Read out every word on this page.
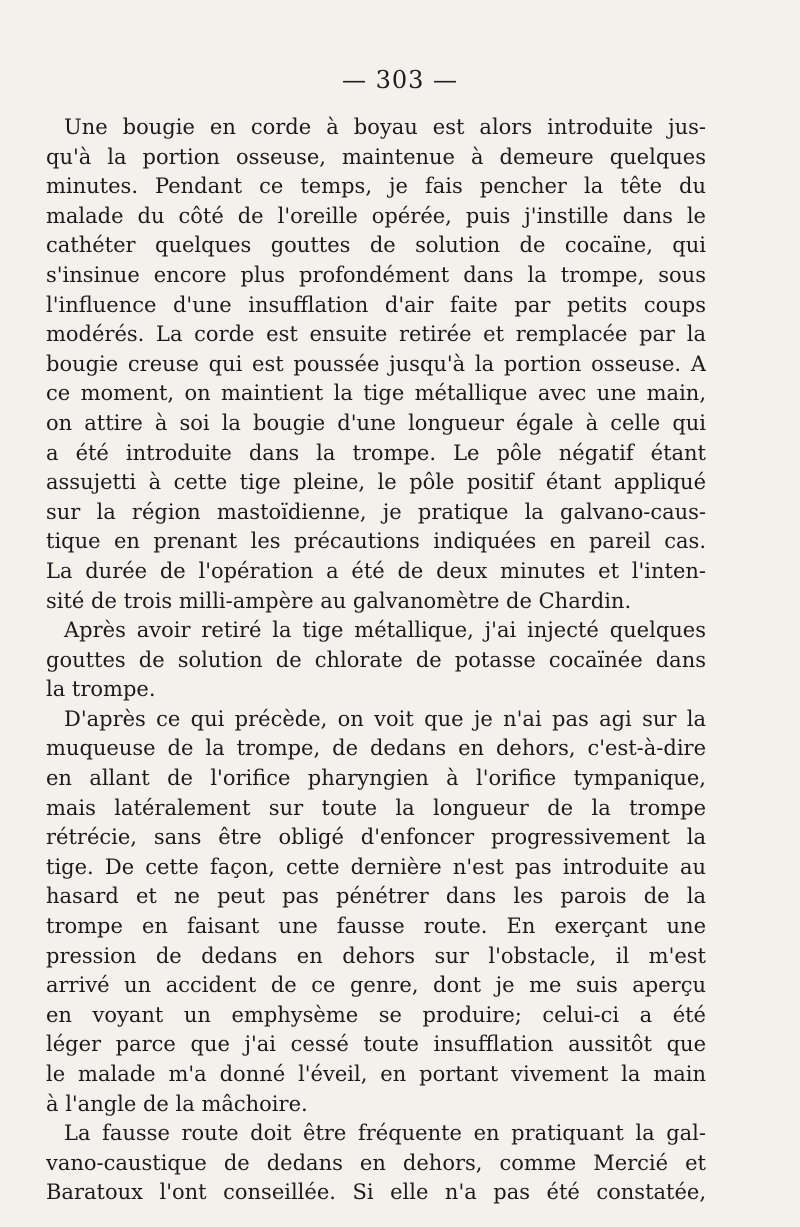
— 303 —
Une bougie en corde à boyau est alors introduite jus-
qu'à la portion osseuse, maintenue à demeure quelques
minutes. Pendant ce temps, je fais pencher la tête du
malade du côté de l'oreille opérée, puis j'instille dans le
cathéter quelques gouttes de solution de cocaïne, qui
s'insinue encore plus profondément dans la trompe, sous
l'influence d'une insufflation d'air faite par petits coups
modérés. La corde est ensuite retirée et remplacée par la
bougie creuse qui est poussée jusqu'à la portion osseuse. A
ce moment, on maintient la tige métallique avec une main,
on attire à soi la bougie d'une longueur égale à celle qui
a été introduite dans la trompe. Le pôle négatif étant
assujetti à cette tige pleine, le pôle positif étant appliqué
sur la région mastoïdienne, je pratique la galvano-caus-
tique en prenant les précautions indiquées en pareil cas.
La durée de l'opération a été de deux minutes et l'inten-
sité de trois milli-ampère au galvanomètre de Chardin.
Après avoir retiré la tige métallique, j'ai injecté quelques
gouttes de solution de chlorate de potasse cocaïnée dans
la trompe.
D'après ce qui précède, on voit que je n'ai pas agi sur la
muqueuse de la trompe, de dedans en dehors, c'est-à-dire
en allant de l'orifice pharyngien à l'orifice tympanique,
mais latéralement sur toute la longueur de la trompe
rétrécie, sans être obligé d'enfoncer progressivement la
tige. De cette façon, cette dernière n'est pas introduite au
hasard et ne peut pas pénétrer dans les parois de la
trompe en faisant une fausse route. En exerçant une
pression de dedans en dehors sur l'obstacle, il m'est
arrivé un accident de ce genre, dont je me suis aperçu
en voyant un emphysème se produire; celui-ci a été
léger parce que j'ai cessé toute insufflation aussitôt que
le malade m'a donné l'éveil, en portant vivement la main
à l'angle de la mâchoire.
La fausse route doit être fréquente en pratiquant la gal-
vano-caustique de dedans en dehors, comme Mercié et
Baratoux l'ont conseillée. Si elle n'a pas été constatée,
